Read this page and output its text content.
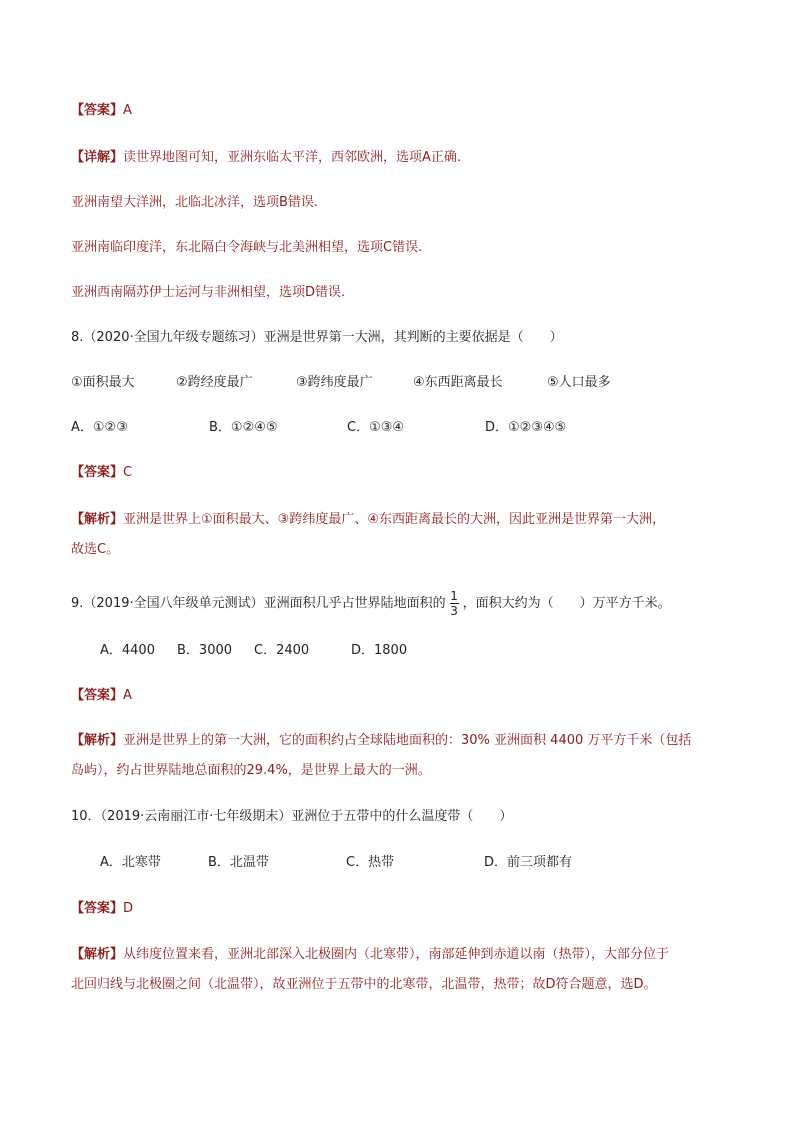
【答案】A
【详解】读世界地图可知，亚洲东临太平洋，西邻欧洲，选项A正确.
亚洲南望大洋洲，北临北冰洋，选项B错误.
亚洲南临印度洋，东北隔白令海峡与北美洲相望，选项C错误.
亚洲西南隔苏伊士运河与非洲相望，选项D错误.
8.（2020·全国九年级专题练习）亚洲是世界第一大洲，其判断的主要依据是（　　）
①面积最大	②跨经度最广	③跨纬度最广	④东西距离最长	⑤人口最多
A．①②③	B．①②④⑤	C．①③④	D．①②③④⑤
【答案】C
【解析】亚洲是世界上①面积最大、③跨纬度最广、④东西距离最长的大洲，因此亚洲是世界第一大洲，
故选C。
9.（2019·全国八年级单元测试）亚洲面积几乎占世界陆地面积的 $\frac{1}{3}$ ，面积大约为（　　）万平方千米。
A．4400	B．3000	C．2400	D．1800
【答案】A
【解析】亚洲是世界上的第一大洲，它的面积约占全球陆地面积的：30% 亚洲面积 4400 万平方千米（包括
岛屿），约占世界陆地总面积的29.4%，是世界上最大的一洲。
10．（2019·云南丽江市·七年级期末）亚洲位于五带中的什么温度带（　　）
A．北寒带	B．北温带	C．热带	D．前三项都有
【答案】D
【解析】从纬度位置来看，亚洲北部深入北极圈内（北寒带），南部延伸到赤道以南（热带），大部分位于
北回归线与北极圈之间（北温带），故亚洲位于五带中的北寒带，北温带，热带；故D符合题意，选D。
